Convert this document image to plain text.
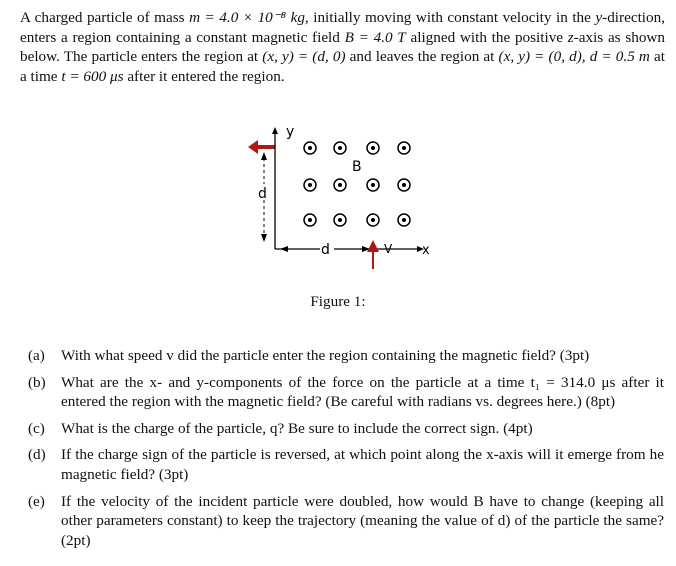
A charged particle of mass m = 4.0 × 10⁻⁸ kg, initially moving with constant velocity in the y-direction, enters a region containing a constant magnetic field B = 4.0 T aligned with the positive z-axis as shown below. The particle enters the region at (x, y) = (d, 0) and leaves the region at (x, y) = (0, d), d = 0.5 m at a time t = 600 μs after it entered the region.
y
x
B
d
d	V
Figure 1:
(a)	With what speed v did the particle enter the region containing the magnetic field? (3pt)
(b)	What are the x- and y-components of the force on the particle at a time t₁ = 314.0 μs after it entered the region with the magnetic field? (Be careful with radians vs. degrees here.) (8pt)
(c)	What is the charge of the particle, q? Be sure to include the correct sign. (4pt)
(d)	If the charge sign of the particle is reversed, at which point along the x-axis will it emerge from he magnetic field? (3pt)
(e)	If the velocity of the incident particle were doubled, how would B have to change (keeping all other parameters constant) to keep the trajectory (meaning the value of d) of the particle the same? (2pt)
